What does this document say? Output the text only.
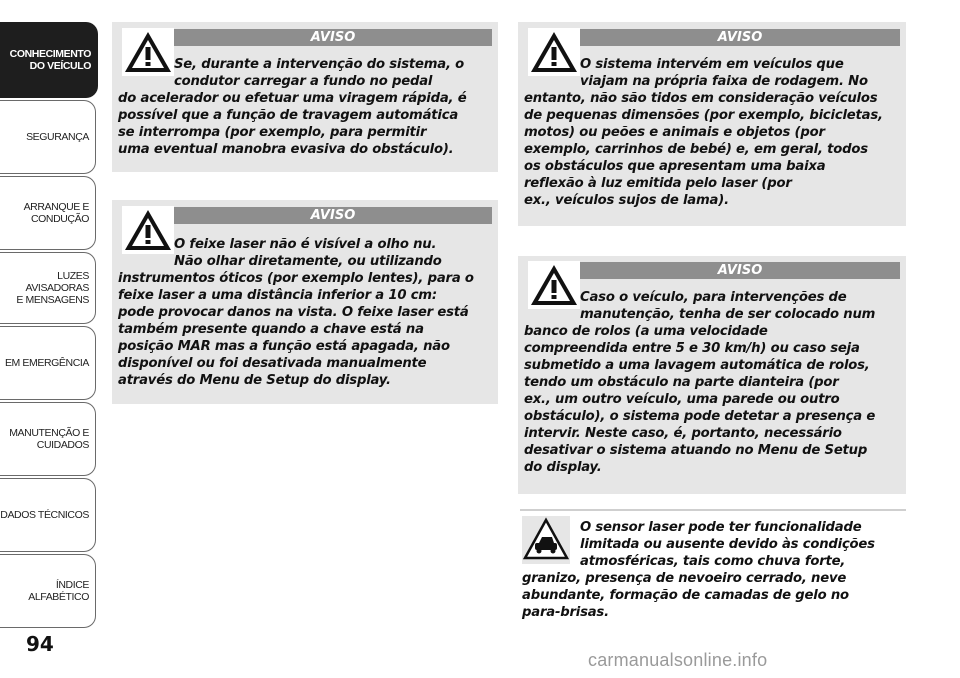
CONHECIMENTO
DO VEÍCULO
SEGURANÇA
ARRANQUE E
CONDUÇÃO
LUZES AVISADORAS
E MENSAGENS
EM EMERGÊNCIA
MANUTENÇÃO E
CUIDADOS
DADOS TÉCNICOS
ÍNDICE ALFABÉTICO
94
AVISO
Se, durante a intervenção do sistema, o
condutor carregar a fundo no pedal
do acelerador ou efetuar uma viragem rápida, é
possível que a função de travagem automática
se interrompa (por exemplo, para permitir
uma eventual manobra evasiva do obstáculo).
AVISO
O feixe laser não é visível a olho nu.
Não olhar diretamente, ou utilizando
instrumentos óticos (por exemplo lentes), para o
feixe laser a uma distância inferior a 10 cm:
pode provocar danos na vista. O feixe laser está
também presente quando a chave está na
posição MAR mas a função está apagada, não
disponível ou foi desativada manualmente
através do Menu de Setup do display.
AVISO
O sistema intervém em veículos que
viajam na própria faixa de rodagem. No
entanto, não são tidos em consideração veículos
de pequenas dimensões (por exemplo, bicicletas,
motos) ou peões e animais e objetos (por
exemplo, carrinhos de bebé) e, em geral, todos
os obstáculos que apresentam uma baixa
reflexão à luz emitida pelo laser (por
ex., veículos sujos de lama).
AVISO
Caso o veículo, para intervenções de
manutenção, tenha de ser colocado num
banco de rolos (a uma velocidade
compreendida entre 5 e 30 km/h) ou caso seja
submetido a uma lavagem automática de rolos,
tendo um obstáculo na parte dianteira (por
ex., um outro veículo, uma parede ou outro
obstáculo), o sistema pode detetar a presença e
intervir. Neste caso, é, portanto, necessário
desativar o sistema atuando no Menu de Setup
do display.
O sensor laser pode ter funcionalidade
limitada ou ausente devido às condições
atmosféricas, tais como chuva forte,
granizo, presença de nevoeiro cerrado, neve
abundante, formação de camadas de gelo no
para-brisas.
carmanualsonline.info
